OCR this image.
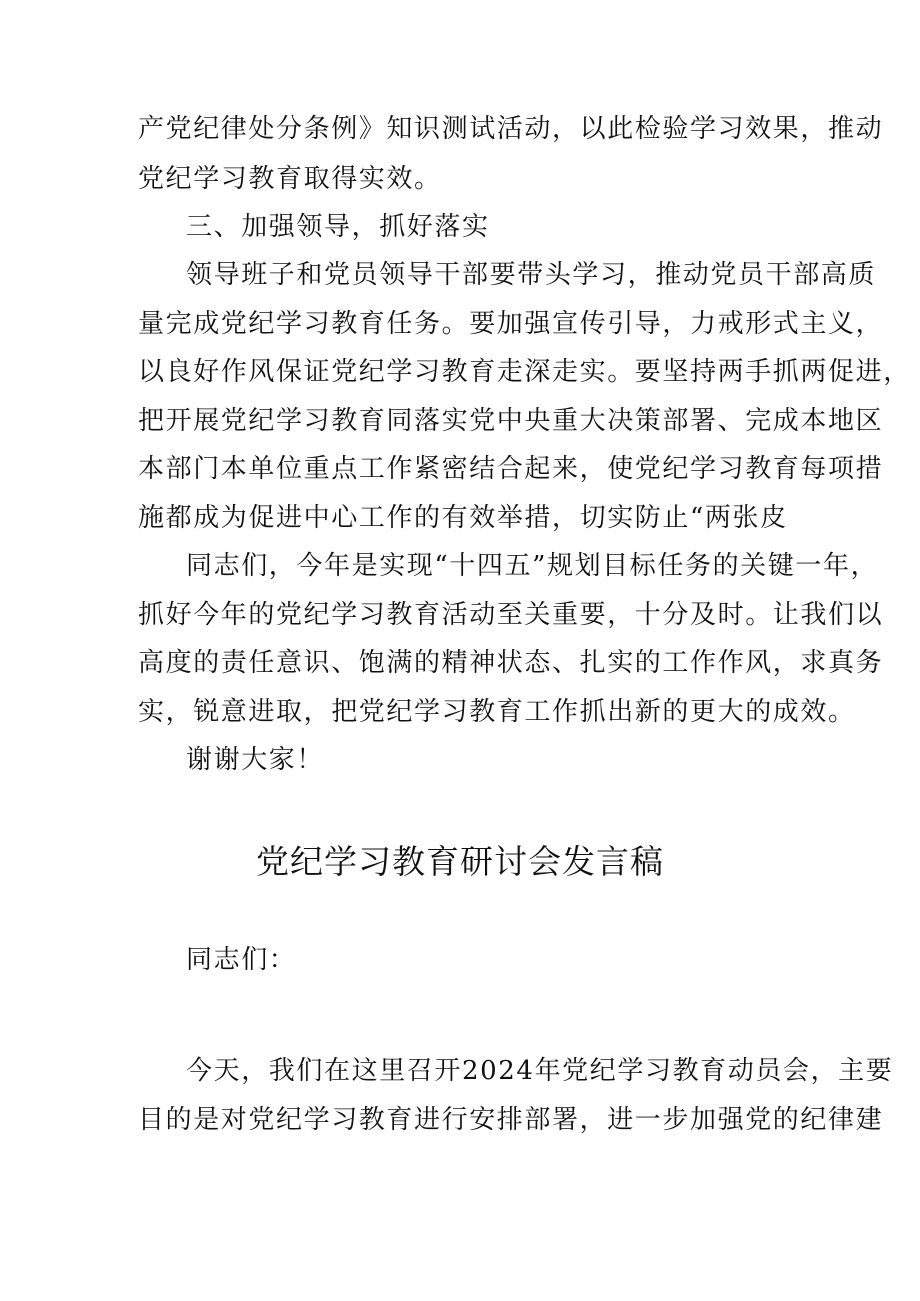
产党纪律处分条例》知识测试活动，以此检验学习效果，推动
党纪学习教育取得实效。
三、加强领导，抓好落实
领导班子和党员领导干部要带头学习，推动党员干部高质
量完成党纪学习教育任务。要加强宣传引导，力戒形式主义，
以良好作风保证党纪学习教育走深走实。要坚持两手抓两促进，
把开展党纪学习教育同落实党中央重大决策部署、完成本地区
本部门本单位重点工作紧密结合起来，使党纪学习教育每项措
施都成为促进中心工作的有效举措，切实防止“两张皮
同志们，今年是实现“十四五”规划目标任务的关键一年，
抓好今年的党纪学习教育活动至关重要，十分及时。让我们以
高度的责任意识、饱满的精神状态、扎实的工作作风，求真务
实，锐意进取，把党纪学习教育工作抓出新的更大的成效。
谢谢大家！
党纪学习教育研讨会发言稿
同志们：
今天，我们在这里召开2024年党纪学习教育动员会，主要
目的是对党纪学习教育进行安排部署，进一步加强党的纪律建
